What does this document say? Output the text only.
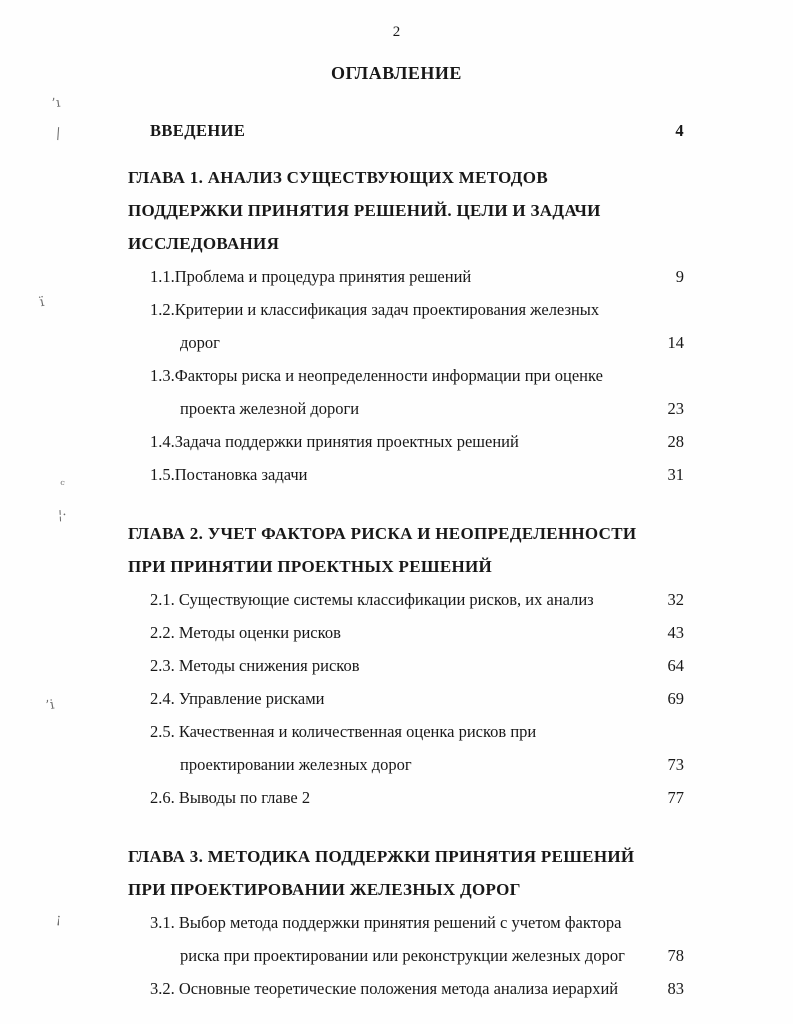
2
ОГЛАВЛЕНИЕ
ВВЕДЕНИЕ	4
ГЛАВА 1. АНАЛИЗ СУЩЕСТВУЮЩИХ МЕТОДОВ
ПОДДЕРЖКИ ПРИНЯТИЯ РЕШЕНИЙ. ЦЕЛИ И ЗАДАЧИ
ИССЛЕДОВАНИЯ
1.1.Проблема и процедура принятия решений	9
1.2.Критерии и классификация задач проектирования железных
дорог	14
1.3.Факторы риска и неопределенности информации при оценке
проекта железной дороги	23
1.4.Задача поддержки принятия проектных решений	28
1.5.Постановка задачи	31
ГЛАВА 2. УЧЕТ ФАКТОРА РИСКА И НЕОПРЕДЕЛЕННОСТИ
ПРИ ПРИНЯТИИ ПРОЕКТНЫХ РЕШЕНИЙ
2.1. Существующие системы классификации рисков, их анализ	32
2.2. Методы оценки рисков	43
2.3. Методы снижения рисков	64
2.4. Управление рисками	69
2.5. Качественная и количественная оценка рисков при
проектировании железных дорог	73
2.6. Выводы по главе 2	77
ГЛАВА 3. МЕТОДИКА ПОДДЕРЖКИ ПРИНЯТИЯ РЕШЕНИЙ
ПРИ ПРОЕКТИРОВАНИИ ЖЕЛЕЗНЫХ ДОРОГ
3.1. Выбор метода поддержки принятия решений с учетом фактора
риска при проектировании или реконструкции железных дорог	78
3.2. Основные теоретические положения метода анализа иерархий	83
’ı
|
ï
ᶜ
¦·
’i
¡
